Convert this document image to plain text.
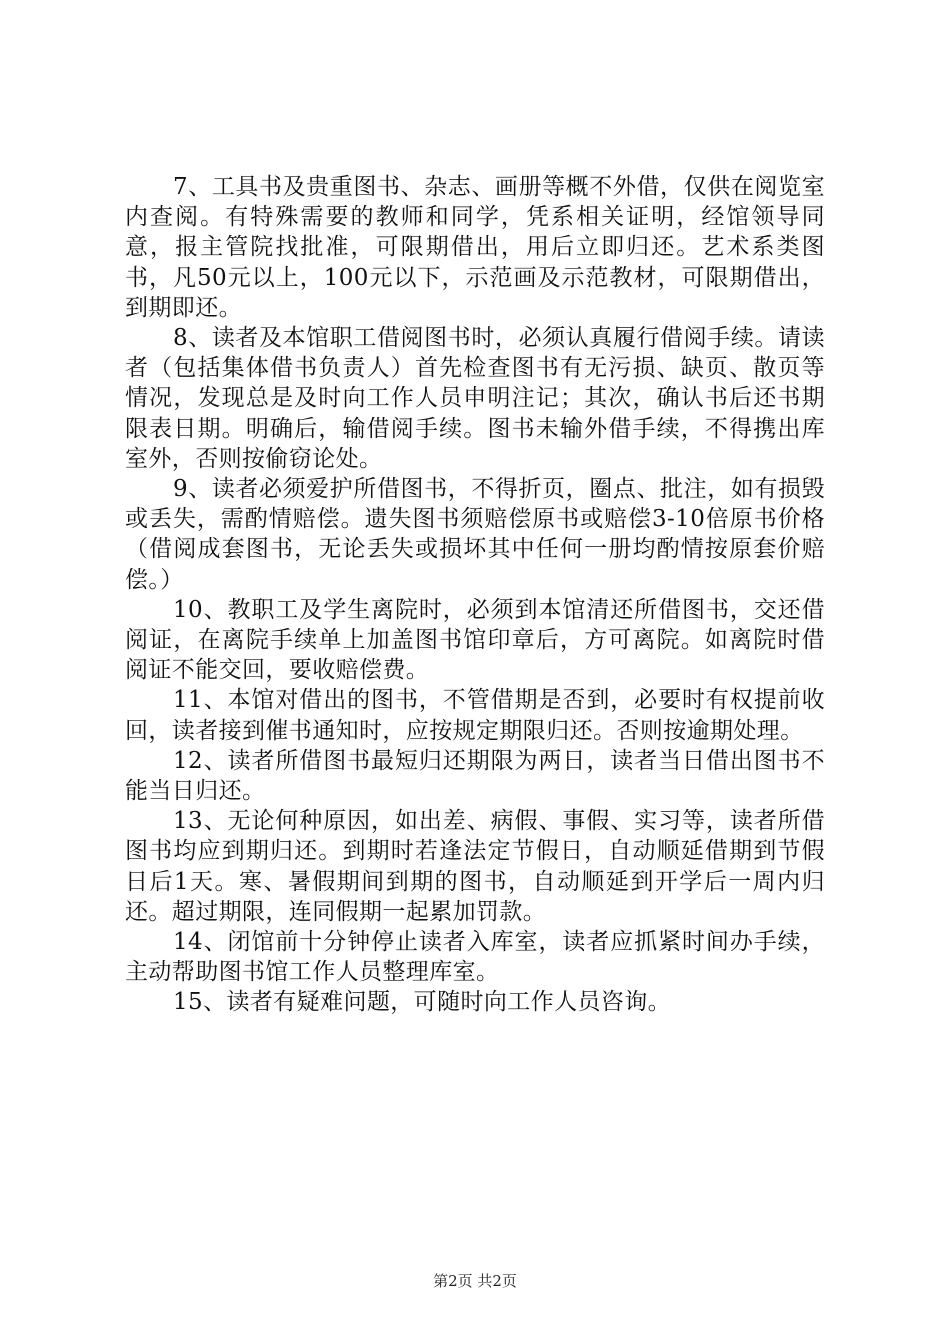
7、工具书及贵重图书、杂志、画册等概不外借，仅供在阅览室内查阅。有特殊需要的教师和同学，凭系相关证明，经馆领导同意，报主管院找批准，可限期借出，用后立即归还。艺术系类图书，凡50元以上，100元以下，示范画及示范教材，可限期借出，到期即还。

8、读者及本馆职工借阅图书时，必须认真履行借阅手续。请读者（包括集体借书负责人）首先检查图书有无污损、缺页、散页等情况，发现总是及时向工作人员申明注记；其次，确认书后还书期限表日期。明确后，输借阅手续。图书未输外借手续，不得携出库室外，否则按偷窃论处。

9、读者必须爱护所借图书，不得折页，圈点、批注，如有损毁或丢失，需酌情赔偿。遗失图书须赔偿原书或赔偿3-10倍原书价格（借阅成套图书，无论丢失或损坏其中任何一册均酌情按原套价赔偿。）

10、教职工及学生离院时，必须到本馆清还所借图书，交还借阅证，在离院手续单上加盖图书馆印章后，方可离院。如离院时借阅证不能交回，要收赔偿费。

11、本馆对借出的图书，不管借期是否到，必要时有权提前收回，读者接到催书通知时，应按规定期限归还。否则按逾期处理。

12、读者所借图书最短归还期限为两日，读者当日借出图书不能当日归还。

13、无论何种原因，如出差、病假、事假、实习等，读者所借图书均应到期归还。到期时若逢法定节假日，自动顺延借期到节假日后1天。寒、暑假期间到期的图书，自动顺延到开学后一周内归还。超过期限，连同假期一起累加罚款。

14、闭馆前十分钟停止读者入库室，读者应抓紧时间办手续，主动帮助图书馆工作人员整理库室。

15、读者有疑难问题，可随时向工作人员咨询。

第2页 共2页
